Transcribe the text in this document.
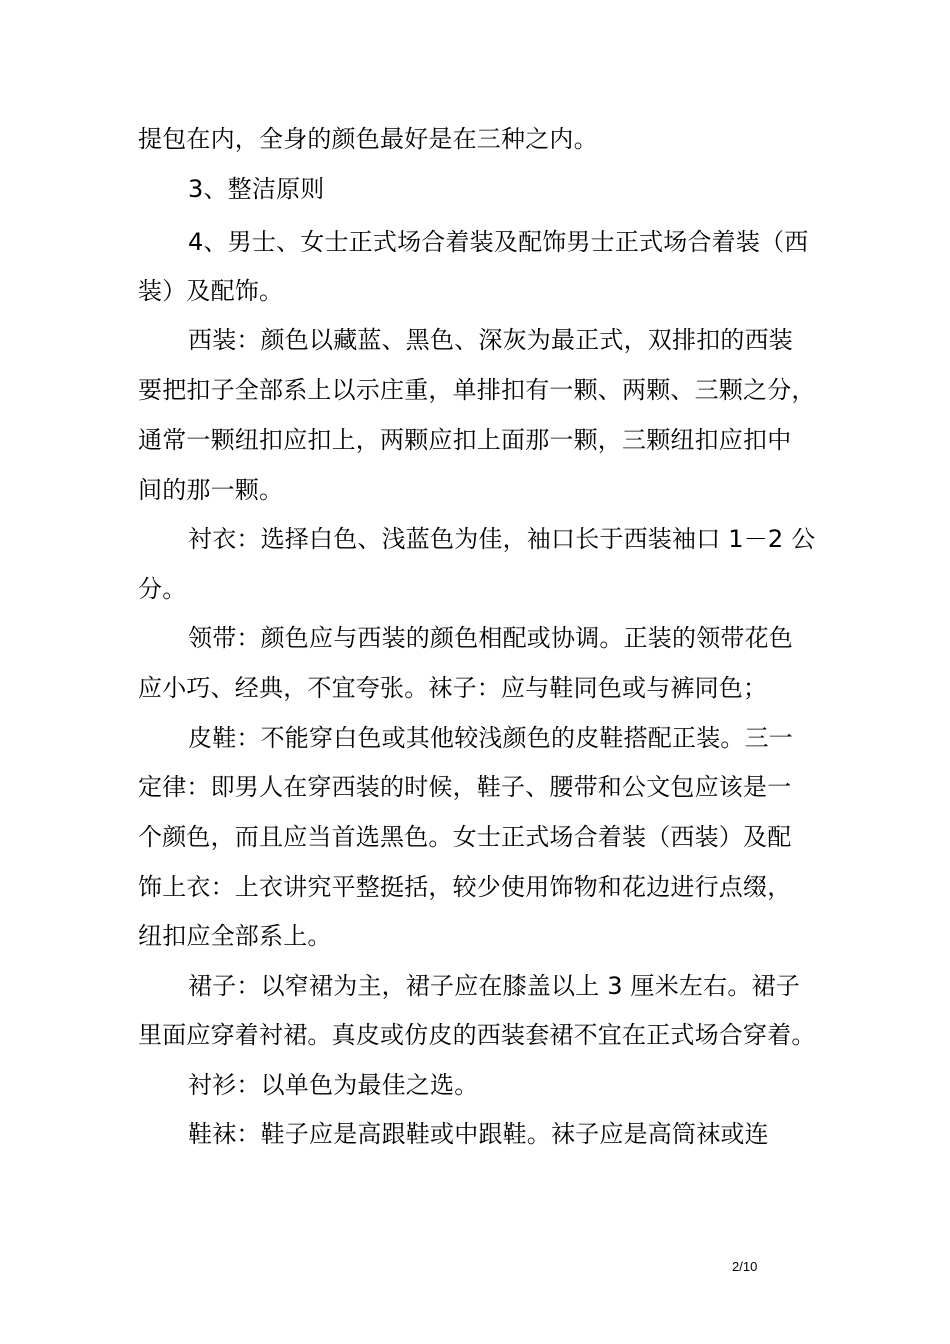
提包在内，全身的颜色最好是在三种之内。
3、整洁原则
4、男士、女士正式场合着装及配饰男士正式场合着装（西
装）及配饰。
西装：颜色以藏蓝、黑色、深灰为最正式，双排扣的西装
要把扣子全部系上以示庄重，单排扣有一颗、两颗、三颗之分，
通常一颗纽扣应扣上，两颗应扣上面那一颗，三颗纽扣应扣中
间的那一颗。
衬衣：选择白色、浅蓝色为佳，袖口长于西装袖口 1－2 公
分。
领带：颜色应与西装的颜色相配或协调。正装的领带花色
应小巧、经典，不宜夸张。袜子：应与鞋同色或与裤同色；
皮鞋：不能穿白色或其他较浅颜色的皮鞋搭配正装。三一
定律：即男人在穿西装的时候，鞋子、腰带和公文包应该是一
个颜色，而且应当首选黑色。女士正式场合着装（西装）及配
饰上衣：上衣讲究平整挺括，较少使用饰物和花边进行点缀，
纽扣应全部系上。
裙子：以窄裙为主，裙子应在膝盖以上 3 厘米左右。裙子
里面应穿着衬裙。真皮或仿皮的西装套裙不宜在正式场合穿着。
衬衫：以单色为最佳之选。
鞋袜：鞋子应是高跟鞋或中跟鞋。袜子应是高筒袜或连
2/10
